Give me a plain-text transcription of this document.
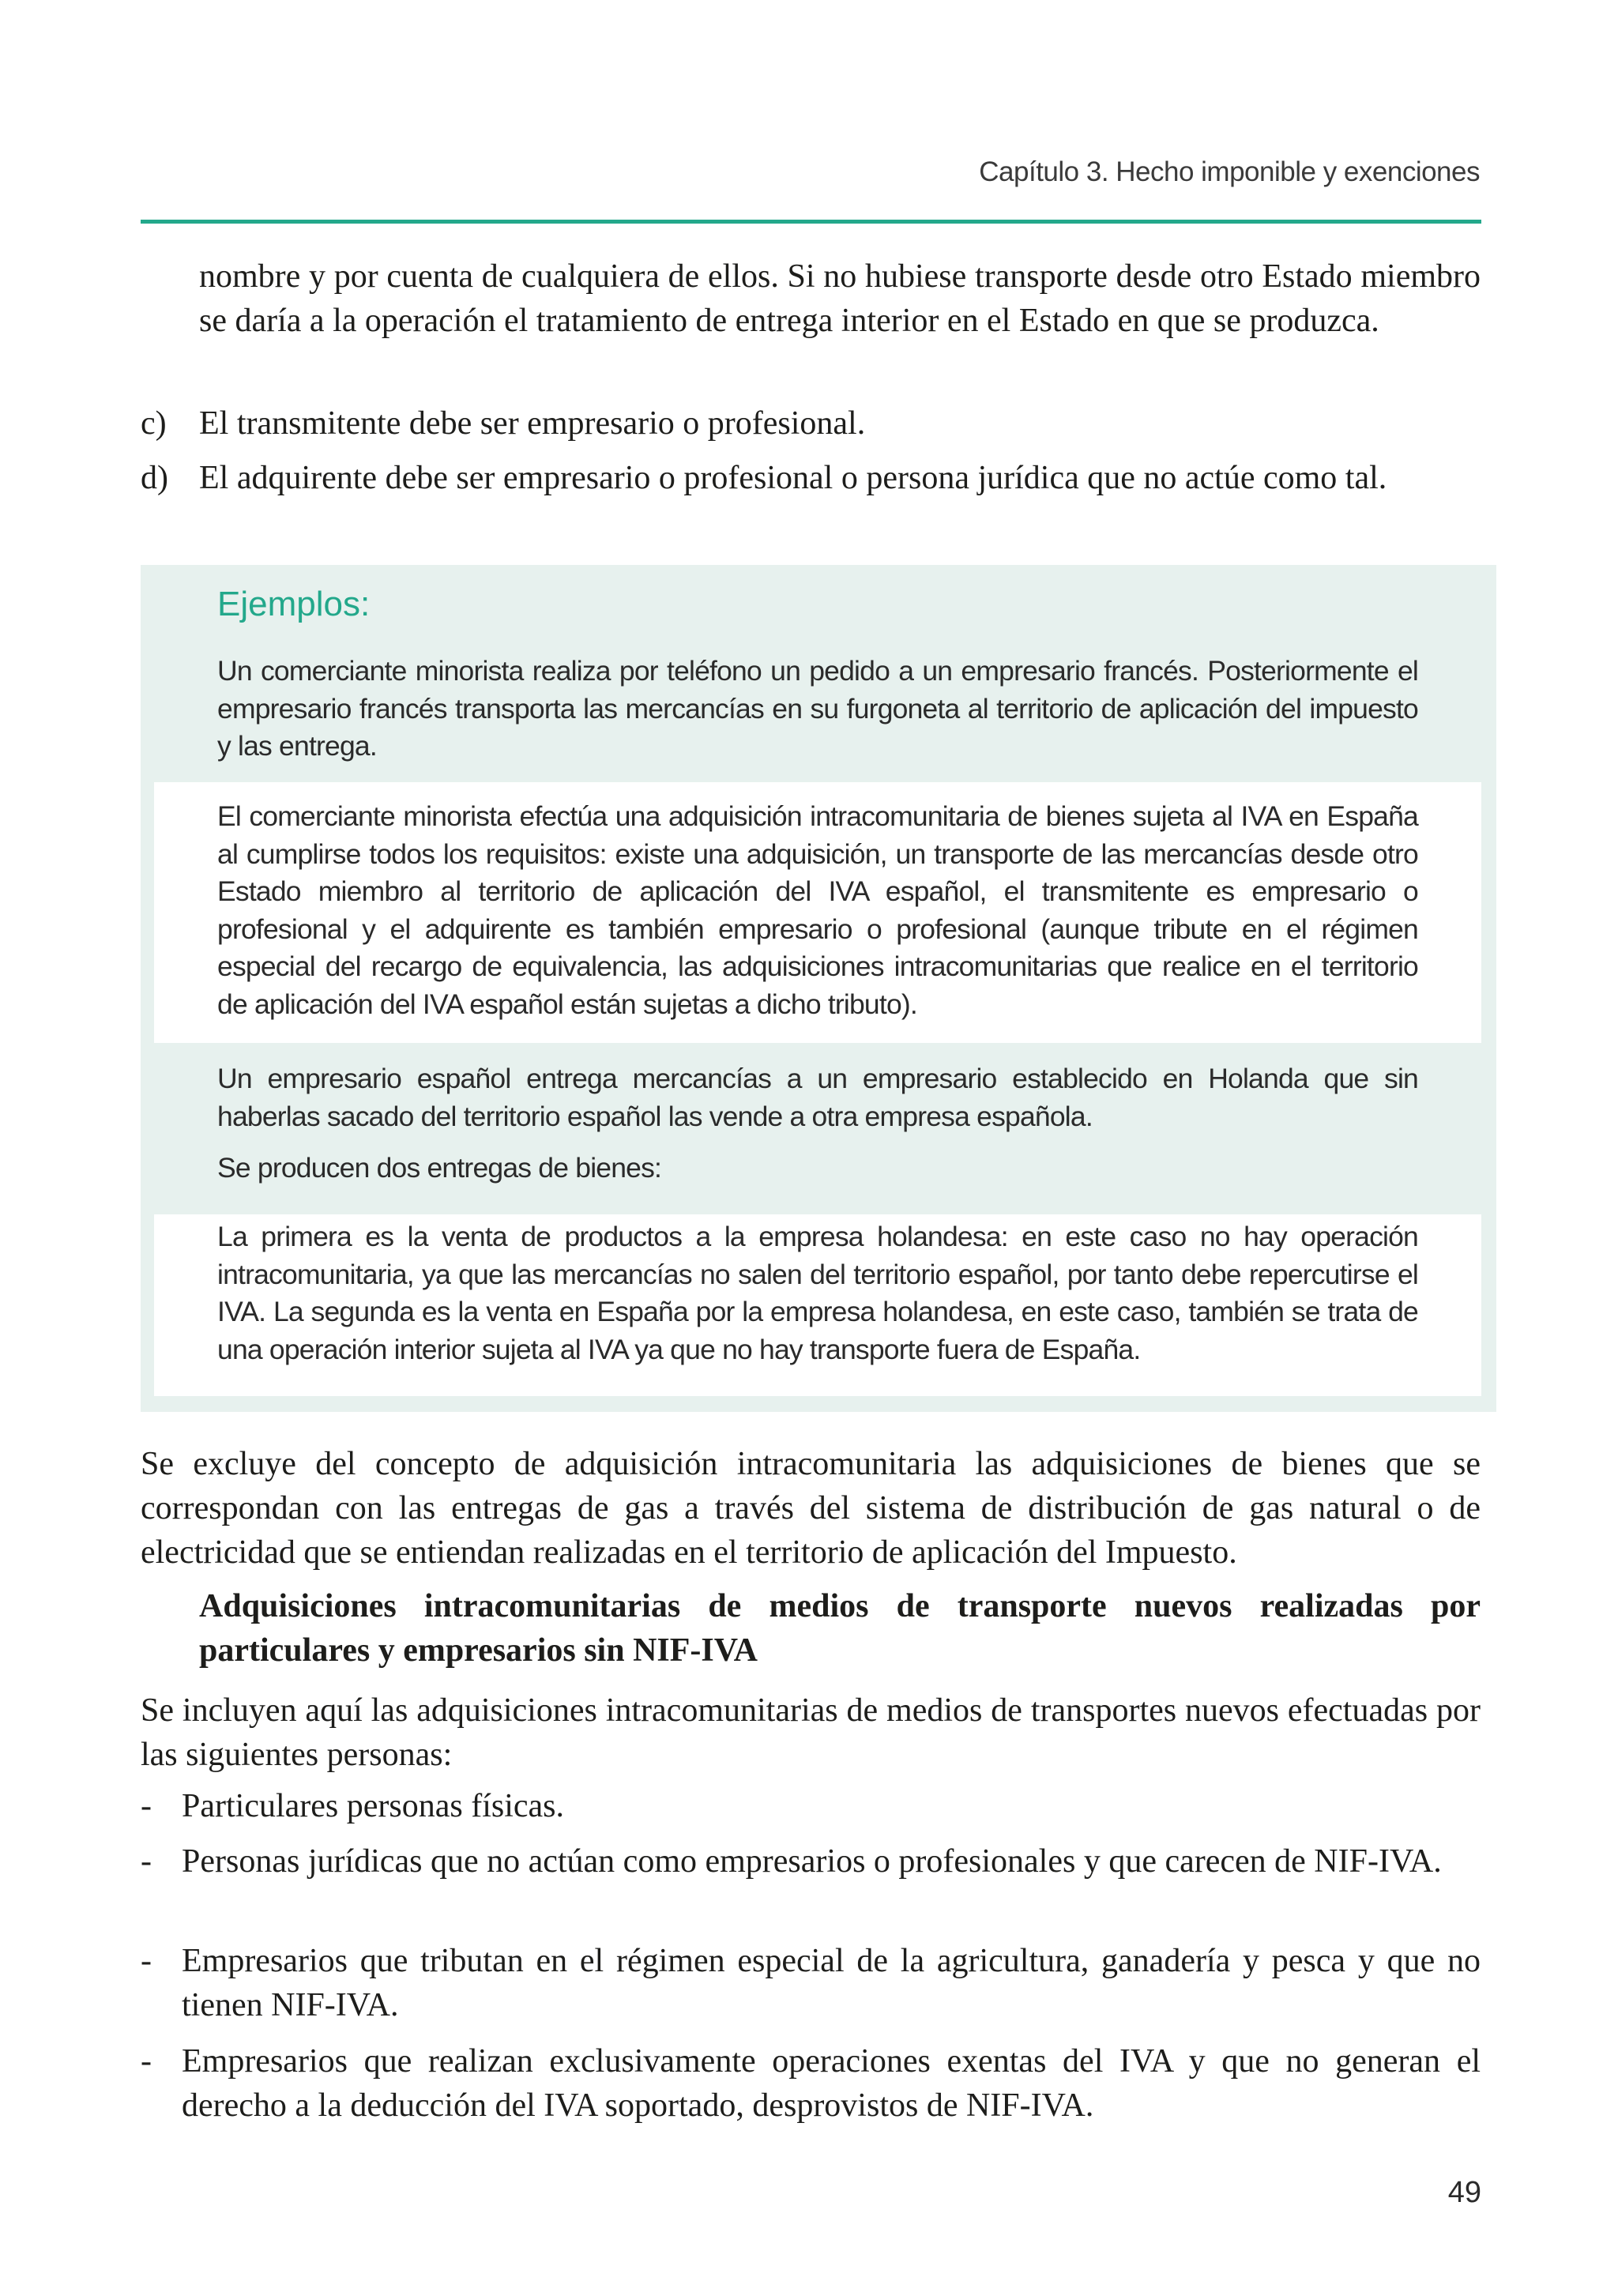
Capítulo 3. Hecho imponible y exenciones

nombre y por cuenta de cualquiera de ellos. Si no hubiese transporte desde otro Estado miembro se daría a la operación el tratamiento de entrega interior en el Estado en que se produzca.

c) El transmitente debe ser empresario o profesional.
d) El adquirente debe ser empresario o profesional o persona jurídica que no actúe como tal.
Ejemplos:

Un comerciante minorista realiza por teléfono un pedido a un empresario francés. Posteriormente el empresario francés transporta las mercancías en su furgoneta al territorio de aplicación del impuesto y las entrega.

El comerciante minorista efectúa una adquisición intracomunitaria de bienes sujeta al IVA en España al cumplirse todos los requisitos: existe una adquisición, un transporte de las mercancías desde otro Estado miembro al territorio de aplicación del IVA español, el transmitente es empresario o profesional y el adquirente es también empresario o profesional (aunque tribute en el régimen especial del recargo de equivalencia, las adquisiciones intracomunitarias que realice en el territorio de aplicación del IVA español están sujetas a dicho tributo).

Un empresario español entrega mercancías a un empresario establecido en Holanda que sin haberlas sacado del territorio español las vende a otra empresa española.

Se producen dos entregas de bienes:

La primera es la venta de productos a la empresa holandesa: en este caso no hay operación intracomunitaria, ya que las mercancías no salen del territorio español, por tanto debe repercutirse el IVA. La segunda es la venta en España por la empresa holandesa, en este caso, también se trata de una operación interior sujeta al IVA ya que no hay transporte fuera de España.

Se excluye del concepto de adquisición intracomunitaria las adquisiciones de bienes que se correspondan con las entregas de gas a través del sistema de distribución de gas natural o de electricidad que se entiendan realizadas en el territorio de aplicación del Impuesto.

Adquisiciones intracomunitarias de medios de transporte nuevos realizadas por particulares y empresarios sin NIF-IVA

Se incluyen aquí las adquisiciones intracomunitarias de medios de transportes nuevos efectuadas por las siguientes personas:

- Particulares personas físicas.
- Personas jurídicas que no actúan como empresarios o profesionales y que carecen de NIF-IVA.
- Empresarios que tributan en el régimen especial de la agricultura, ganadería y pesca y que no tienen NIF-IVA.
- Empresarios que realizan exclusivamente operaciones exentas del IVA y que no generan el derecho a la deducción del IVA soportado, desprovistos de NIF-IVA.
49
